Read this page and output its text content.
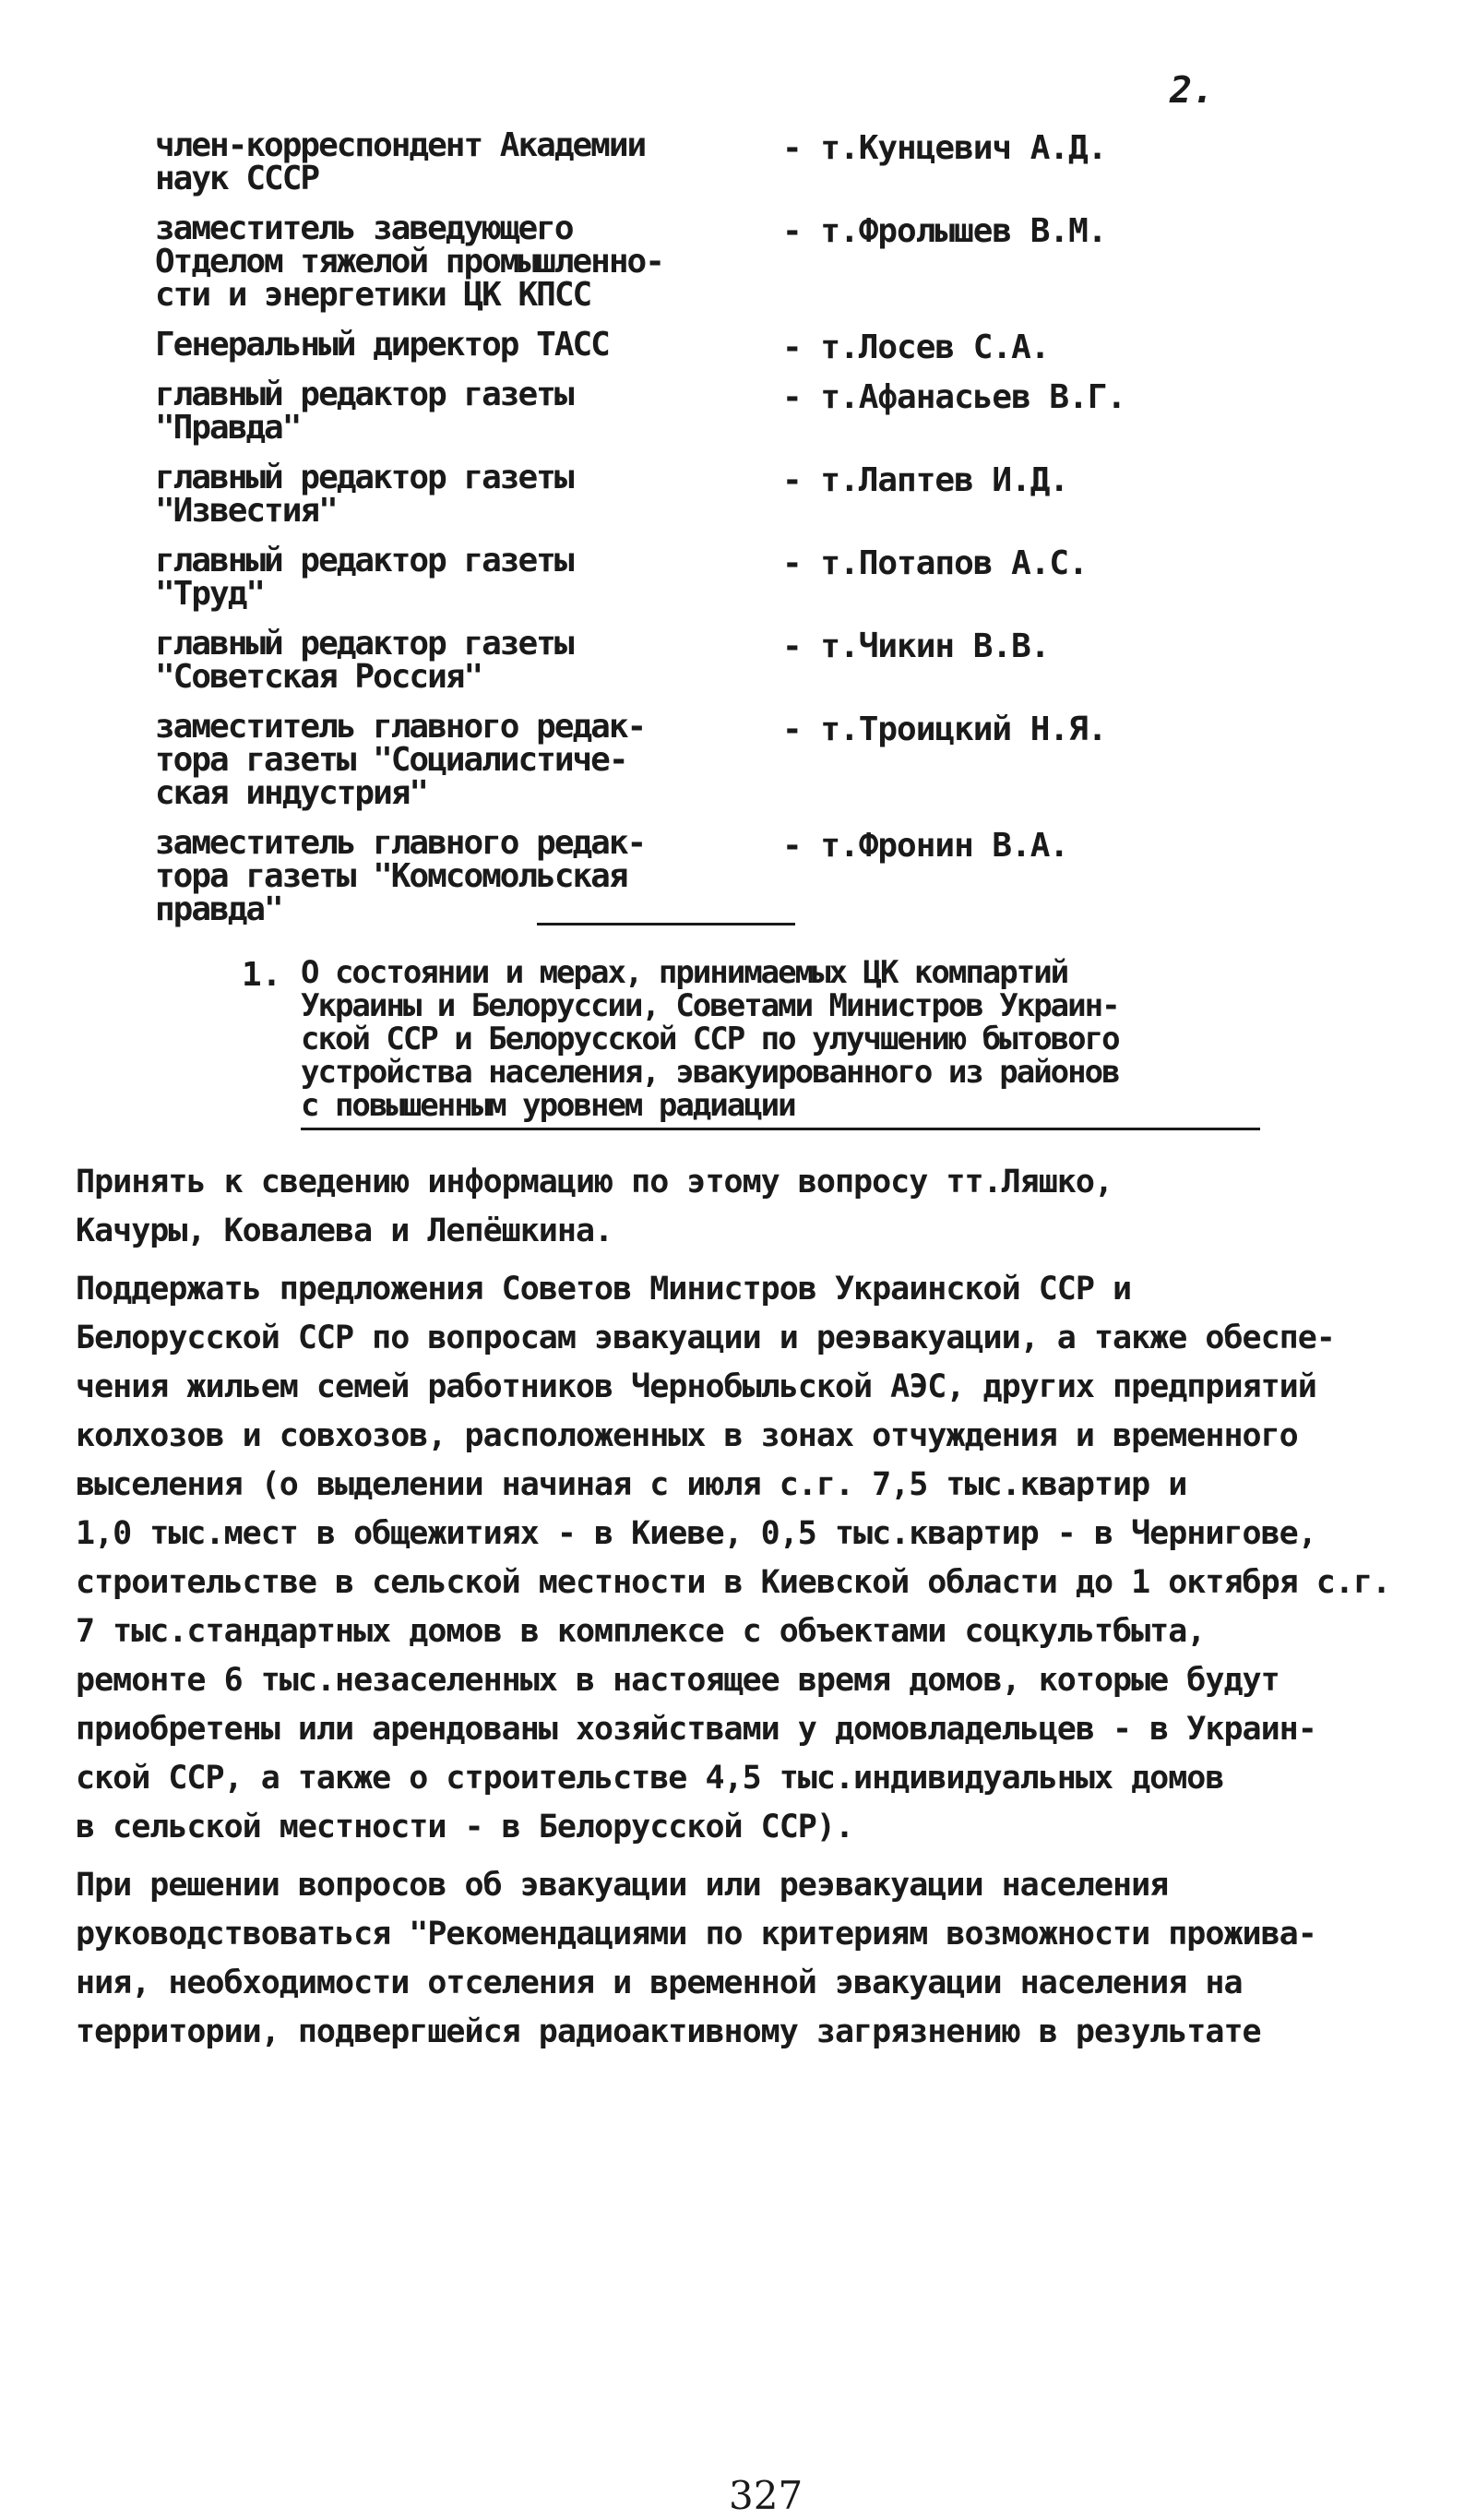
2.
член-корреспондент Академии
наук СССР
- т.Кунцевич А.Д.
заместитель заведующего
Отделом тяжелой промышленно-
сти и энергетики ЦК КПСС
- т.Фролышев В.М.
Генеральный директор ТАСС	- т.Лосев С.А.
главный редактор газеты
"Правда"
- т.Афанасьев В.Г.
главный редактор газеты
"Известия"
- т.Лаптев И.Д.
главный редактор газеты
"Труд"
- т.Потапов А.С.
главный редактор газеты
"Советская Россия"
- т.Чикин В.В.
заместитель главного редак-
тора газеты "Социалистиче-
ская индустрия"
- т.Троицкий Н.Я.
заместитель главного редак-
тора газеты "Комсомольская
правда"
- т.Фронин В.А.
1. О состоянии и мерах, принимаемых ЦК компартий
Украины и Белоруссии, Советами Министров Украин-
ской ССР и Белорусской ССР по улучшению бытового
устройства населения, эвакуированного из районов
с повышенным уровнем радиации

Принять к сведению информацию по этому вопросу тт.Ляшко,
Качуры, Ковалева и Лепёшкина.

Поддержать предложения Советов Министров Украинской ССР и
Белорусской ССР по вопросам эвакуации и реэвакуации, а также обеспе-
чения жильем семей работников Чернобыльской АЭС, других предприятий
колхозов и совхозов, расположенных в зонах отчуждения и временного
выселения (о выделении начиная с июля с.г. 7,5 тыс.квартир и
1,0 тыс.мест в общежитиях - в Киеве, 0,5 тыс.квартир - в Чернигове,
строительстве в сельской местности в Киевской области до 1 октября с.г.
7 тыс.стандартных домов в комплексе с объектами соцкультбыта,
ремонте 6 тыс.незаселенных в настоящее время домов, которые будут
приобретены или арендованы хозяйствами у домовладельцев - в Украин-
ской ССР, а также о строительстве 4,5 тыс.индивидуальных домов
в сельской местности - в Белорусской ССР).

При решении вопросов об эвакуации или реэвакуации населения
руководствоваться "Рекомендациями по критериям возможности прожива-
ния, необходимости отселения и временной эвакуации населения на
территории, подвергшейся радиоактивному загрязнению в результате

327
